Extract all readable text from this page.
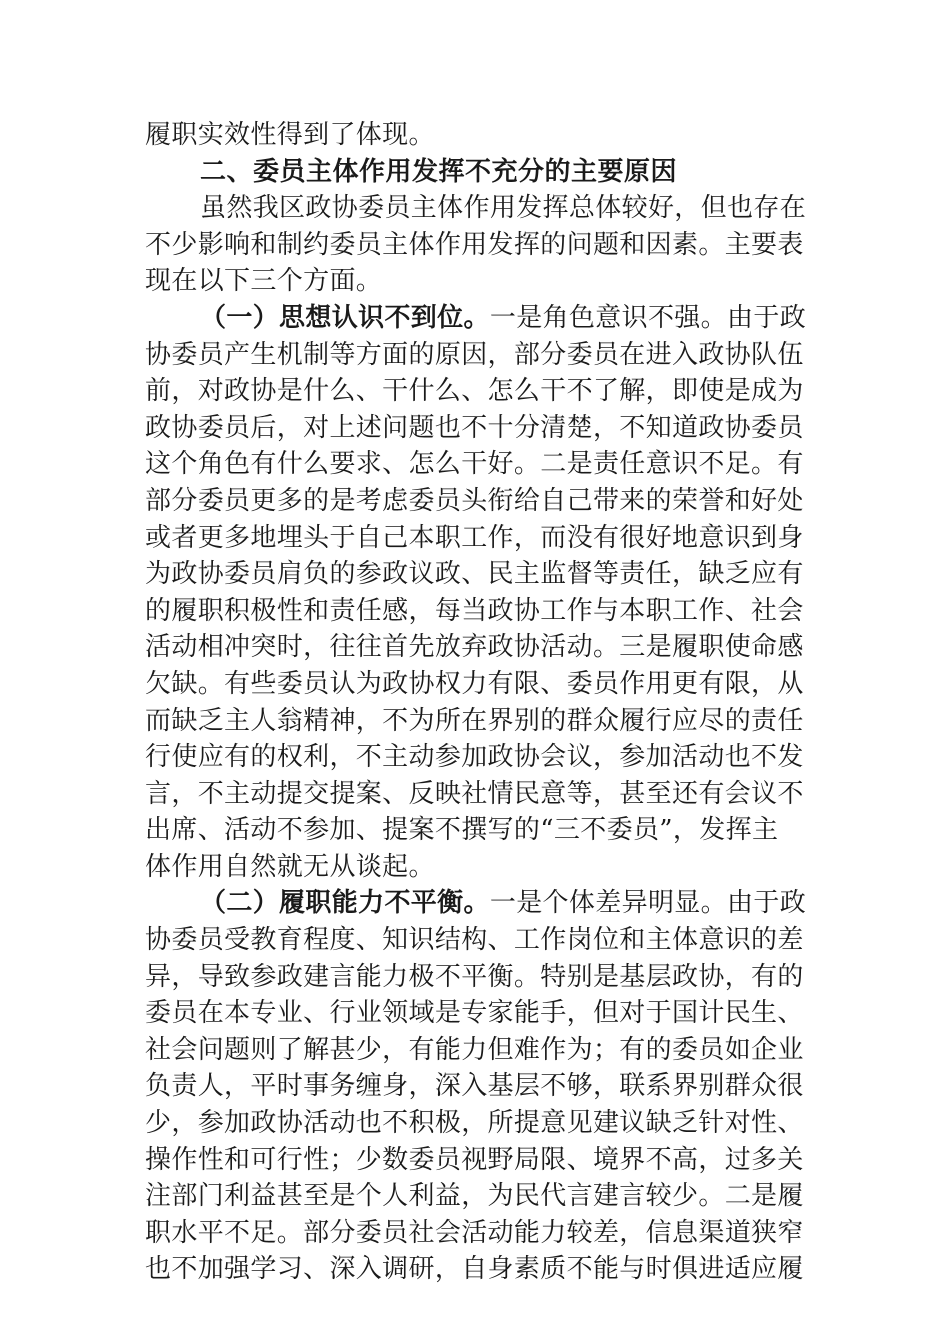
履职实效性得到了体现。
二、委员主体作用发挥不充分的主要原因
虽然我区政协委员主体作用发挥总体较好，但也存在
不少影响和制约委员主体作用发挥的问题和因素。主要表
现在以下三个方面。
（一）思想认识不到位。一是角色意识不强。由于政
协委员产生机制等方面的原因，部分委员在进入政协队伍
前，对政协是什么、干什么、怎么干不了解，即使是成为
政协委员后，对上述问题也不十分清楚，不知道政协委员
这个角色有什么要求、怎么干好。二是责任意识不足。有
部分委员更多的是考虑委员头衔给自己带来的荣誉和好处
或者更多地埋头于自己本职工作，而没有很好地意识到身
为政协委员肩负的参政议政、民主监督等责任，缺乏应有
的履职积极性和责任感，每当政协工作与本职工作、社会
活动相冲突时，往往首先放弃政协活动。三是履职使命感
欠缺。有些委员认为政协权力有限、委员作用更有限，从
而缺乏主人翁精神，不为所在界别的群众履行应尽的责任
行使应有的权利，不主动参加政协会议，参加活动也不发
言，不主动提交提案、反映社情民意等，甚至还有会议不
出席、活动不参加、提案不撰写的“三不委员”，发挥主
体作用自然就无从谈起。
（二）履职能力不平衡。一是个体差异明显。由于政
协委员受教育程度、知识结构、工作岗位和主体意识的差
异，导致参政建言能力极不平衡。特别是基层政协，有的
委员在本专业、行业领域是专家能手，但对于国计民生、
社会问题则了解甚少，有能力但难作为；有的委员如企业
负责人，平时事务缠身，深入基层不够，联系界别群众很
少，参加政协活动也不积极，所提意见建议缺乏针对性、
操作性和可行性；少数委员视野局限、境界不高，过多关
注部门利益甚至是个人利益，为民代言建言较少。二是履
职水平不足。部分委员社会活动能力较差，信息渠道狭窄
也不加强学习、深入调研，自身素质不能与时俱进适应履
